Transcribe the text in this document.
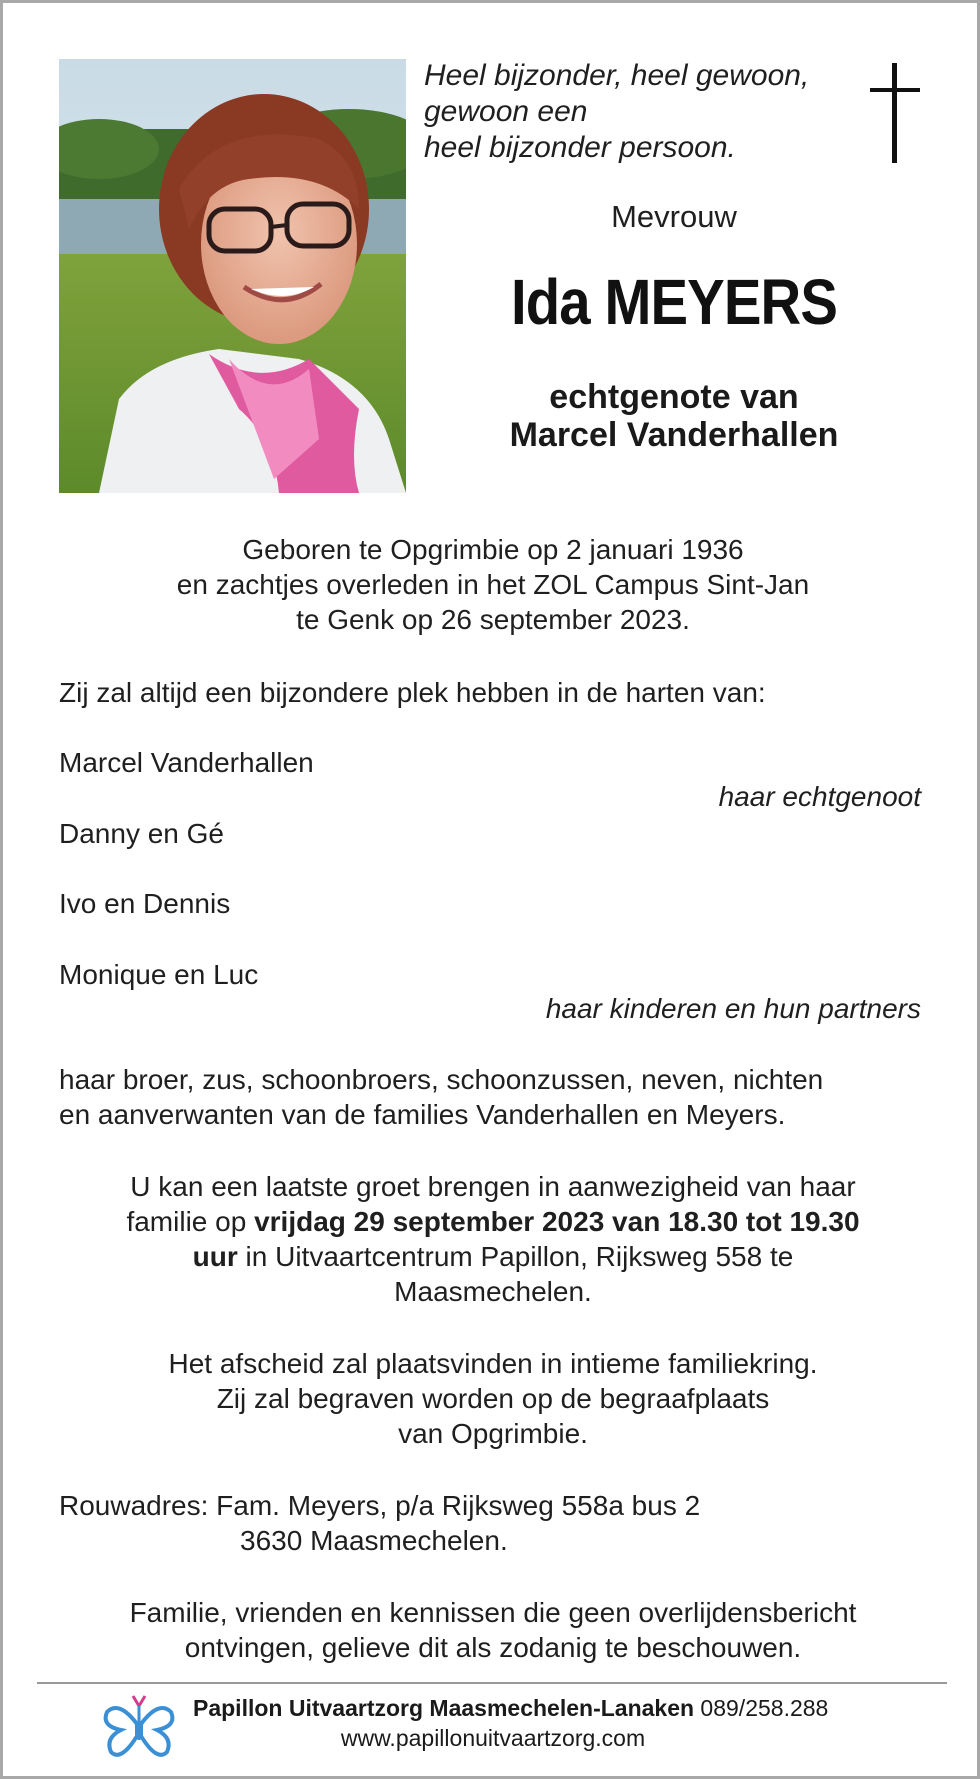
Heel bijzonder, heel gewoon,
gewoon een
heel bijzonder persoon.
Mevrouw
Ida MEYERS
echtgenote van
Marcel Vanderhallen
Geboren te Opgrimbie op 2 januari 1936
en zachtjes overleden in het ZOL Campus Sint-Jan
te Genk op 26 september 2023.
Zij zal altijd een bijzondere plek hebben in de harten van:
Marcel Vanderhallen
haar echtgenoot
Danny en Gé
Ivo en Dennis
Monique en Luc
haar kinderen en hun partners
haar broer, zus, schoonbroers, schoonzussen, neven, nichten
en aanverwanten van de families Vanderhallen en Meyers.
U kan een laatste groet brengen in aanwezigheid van haar
familie op vrijdag 29 september 2023 van 18.30 tot 19.30
uur in Uitvaartcentrum Papillon, Rijksweg 558 te
Maasmechelen.
Het afscheid zal plaatsvinden in intieme familiekring.
Zij zal begraven worden op de begraafplaats
van Opgrimbie.
Rouwadres: Fam. Meyers, p/a Rijksweg 558a bus 2
3630 Maasmechelen.
Familie, vrienden en kennissen die geen overlijdensbericht
ontvingen, gelieve dit als zodanig te beschouwen.
Papillon Uitvaartzorg Maasmechelen-Lanaken 089/258.288
www.papillonuitvaartzorg.com
